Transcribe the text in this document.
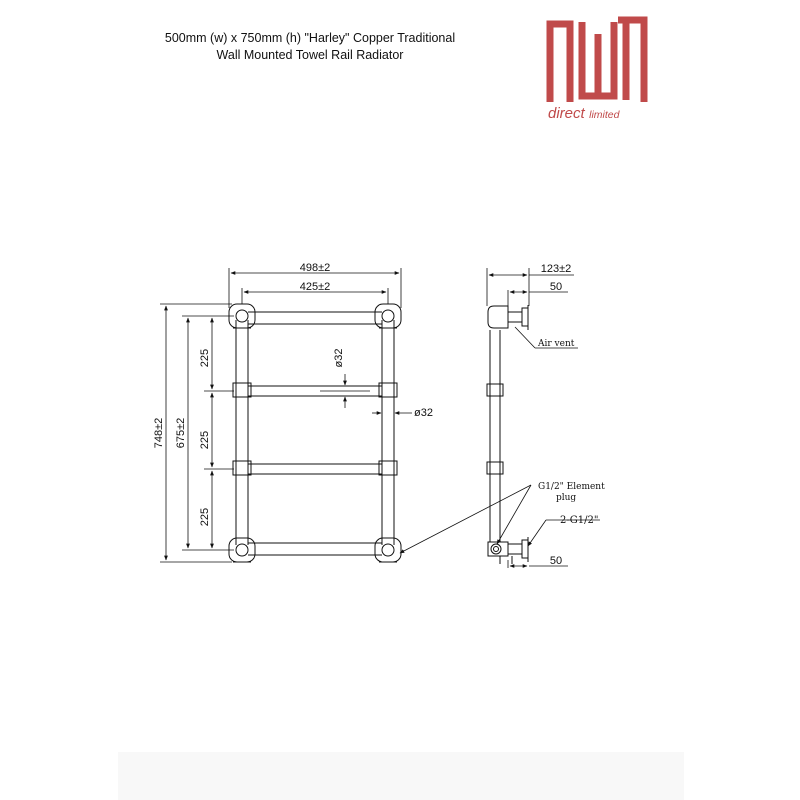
500mm (w) x 750mm (h) "Harley" Copper Traditional
Wall Mounted Towel Rail Radiator
direct limited
498±2
425±2
748±2 675±2
225
225
225
ø32
ø32
123±2
50
50
Air vent
G1/2" Element
plug
2-G1/2"
